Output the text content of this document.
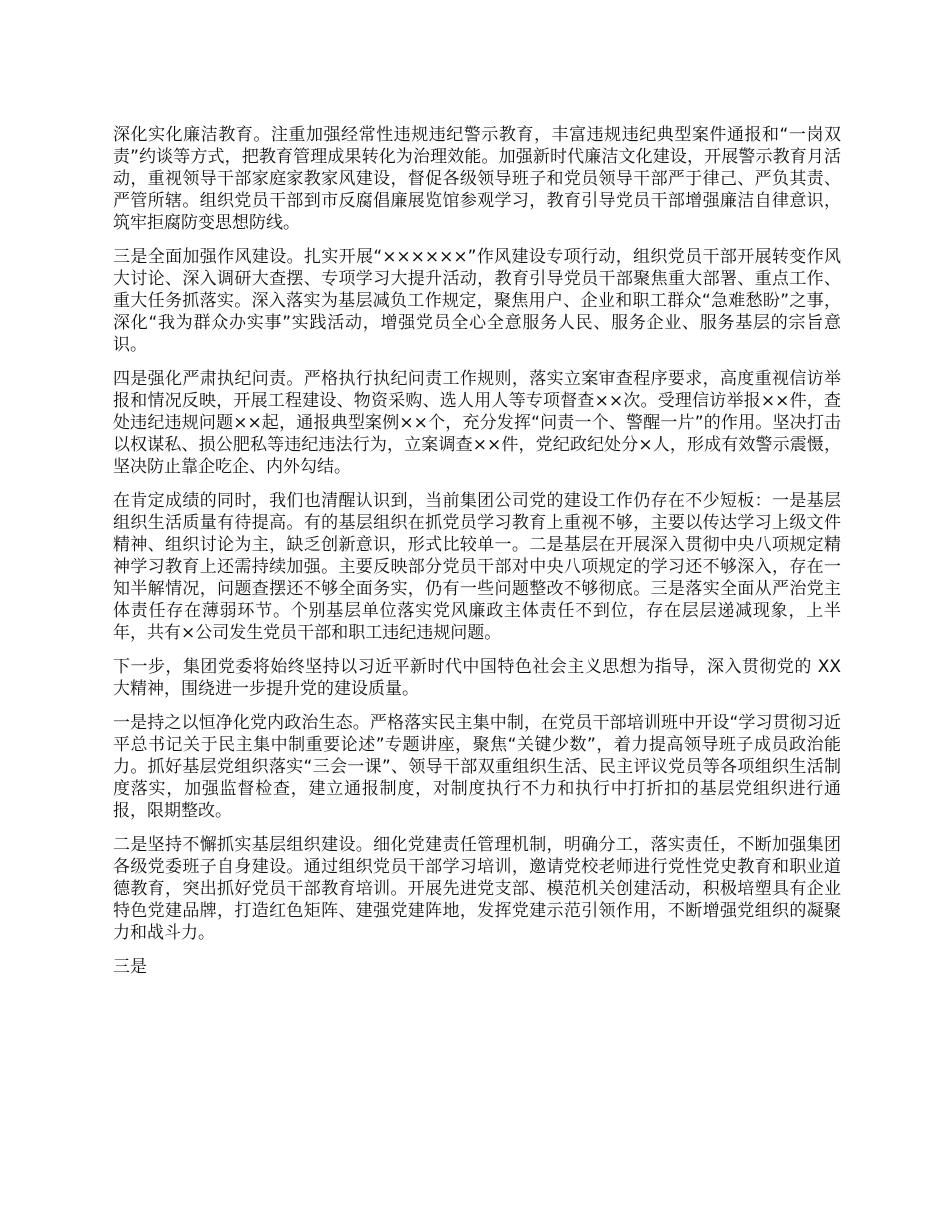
深化实化廉洁教育。注重加强经常性违规违纪警示教育，丰富违规违纪典型案件通报和“一岗双责”约谈等方式，把教育管理成果转化为治理效能。加强新时代廉洁文化建设，开展警示教育月活动，重视领导干部家庭家教家风建设，督促各级领导班子和党员领导干部严于律己、严负其责、严管所辖。组织党员干部到市反腐倡廉展览馆参观学习，教育引导党员干部增强廉洁自律意识，筑牢拒腐防变思想防线。

三是全面加强作风建设。扎实开展“××××××”作风建设专项行动，组织党员干部开展转变作风大讨论、深入调研大查摆、专项学习大提升活动，教育引导党员干部聚焦重大部署、重点工作、重大任务抓落实。深入落实为基层减负工作规定，聚焦用户、企业和职工群众“急难愁盼”之事，深化“我为群众办实事”实践活动，增强党员全心全意服务人民、服务企业、服务基层的宗旨意识。

四是强化严肃执纪问责。严格执行执纪问责工作规则，落实立案审查程序要求，高度重视信访举报和情况反映，开展工程建设、物资采购、选人用人等专项督查××次。受理信访举报××件，查处违纪违规问题××起，通报典型案例××个，充分发挥“问责一个、警醒一片”的作用。坚决打击以权谋私、损公肥私等违纪违法行为，立案调查××件，党纪政纪处分×人，形成有效警示震慑，坚决防止靠企吃企、内外勾结。

在肯定成绩的同时，我们也清醒认识到，当前集团公司党的建设工作仍存在不少短板：一是基层组织生活质量有待提高。有的基层组织在抓党员学习教育上重视不够，主要以传达学习上级文件精神、组织讨论为主，缺乏创新意识，形式比较单一。二是基层在开展深入贯彻中央八项规定精神学习教育上还需持续加强。主要反映部分党员干部对中央八项规定的学习还不够深入，存在一知半解情况，问题查摆还不够全面务实，仍有一些问题整改不够彻底。三是落实全面从严治党主体责任存在薄弱环节。个别基层单位落实党风廉政主体责任不到位，存在层层递减现象，上半年，共有×公司发生党员干部和职工违纪违规问题。

下一步，集团党委将始终坚持以习近平新时代中国特色社会主义思想为指导，深入贯彻党的 XX 大精神，围绕进一步提升党的建设质量。

一是持之以恒净化党内政治生态。严格落实民主集中制，在党员干部培训班中开设“学习贯彻习近平总书记关于民主集中制重要论述”专题讲座，聚焦“关键少数”，着力提高领导班子成员政治能力。抓好基层党组织落实“三会一课”、领导干部双重组织生活、民主评议党员等各项组织生活制度落实，加强监督检查，建立通报制度，对制度执行不力和执行中打折扣的基层党组织进行通报，限期整改。

二是坚持不懈抓实基层组织建设。细化党建责任管理机制，明确分工，落实责任，不断加强集团各级党委班子自身建设。通过组织党员干部学习培训，邀请党校老师进行党性党史教育和职业道德教育，突出抓好党员干部教育培训。开展先进党支部、模范机关创建活动，积极培塑具有企业特色党建品牌，打造红色矩阵、建强党建阵地，发挥党建示范引领作用，不断增强党组织的凝聚力和战斗力。

三是
